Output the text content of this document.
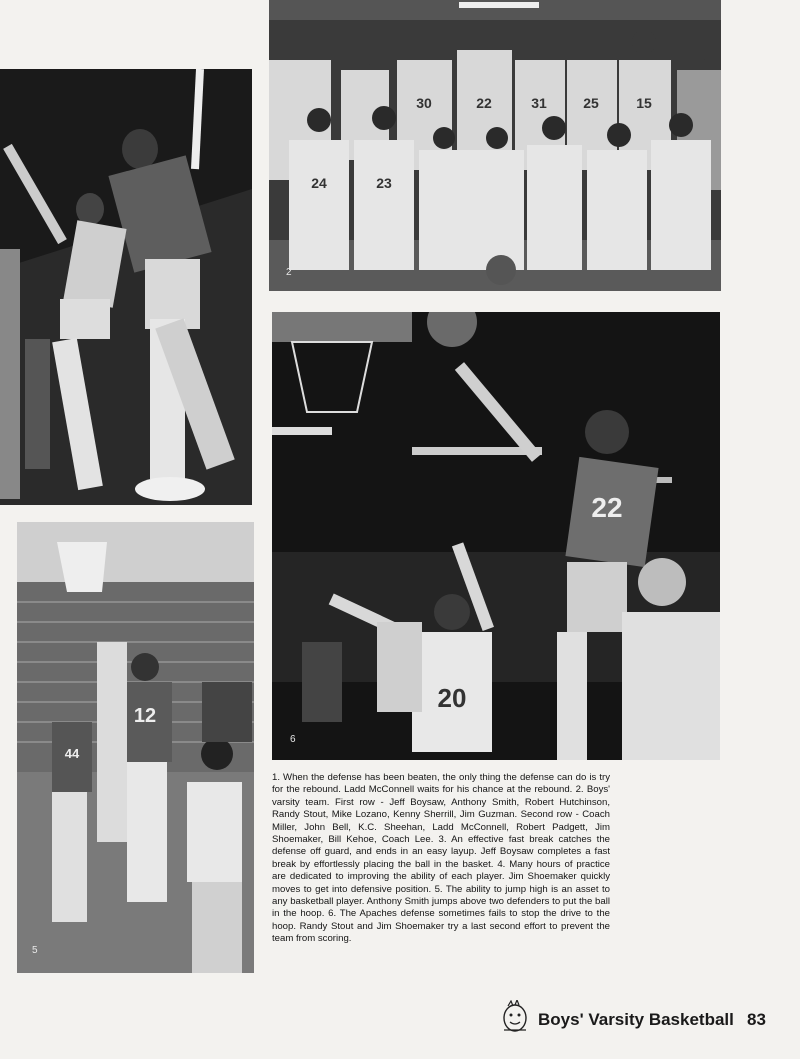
30	22	31	25	15
24	23
2
12
44
5
22
20
6
1. When the defense has been beaten, the only thing the defense can do is try for the rebound. Ladd McConnell waits for his chance at the rebound. 2. Boys' varsity team. First row - Jeff Boysaw, Anthony Smith, Robert Hutchinson, Randy Stout, Mike Lozano, Kenny Sherrill, Jim Guzman. Second row - Coach Miller, John Bell, K.C. Sheehan, Ladd McConnell, Robert Padgett, Jim Shoemaker, Bill Kehoe, Coach Lee. 3. An effective fast break catches the defense off guard, and ends in an easy layup. Jeff Boysaw completes a fast break by effortlessly placing the ball in the basket. 4. Many hours of practice are dedicated to improving the ability of each player. Jim Shoemaker quickly moves to get into defensive position. 5. The ability to jump high is an asset to any basketball player. Anthony Smith jumps above two defenders to put the ball in the hoop. 6. The Apaches defense sometimes fails to stop the drive to the hoop. Randy Stout and Jim Shoemaker try a last second effort to prevent the team from scoring.
Boys' Varsity Basketball 83
